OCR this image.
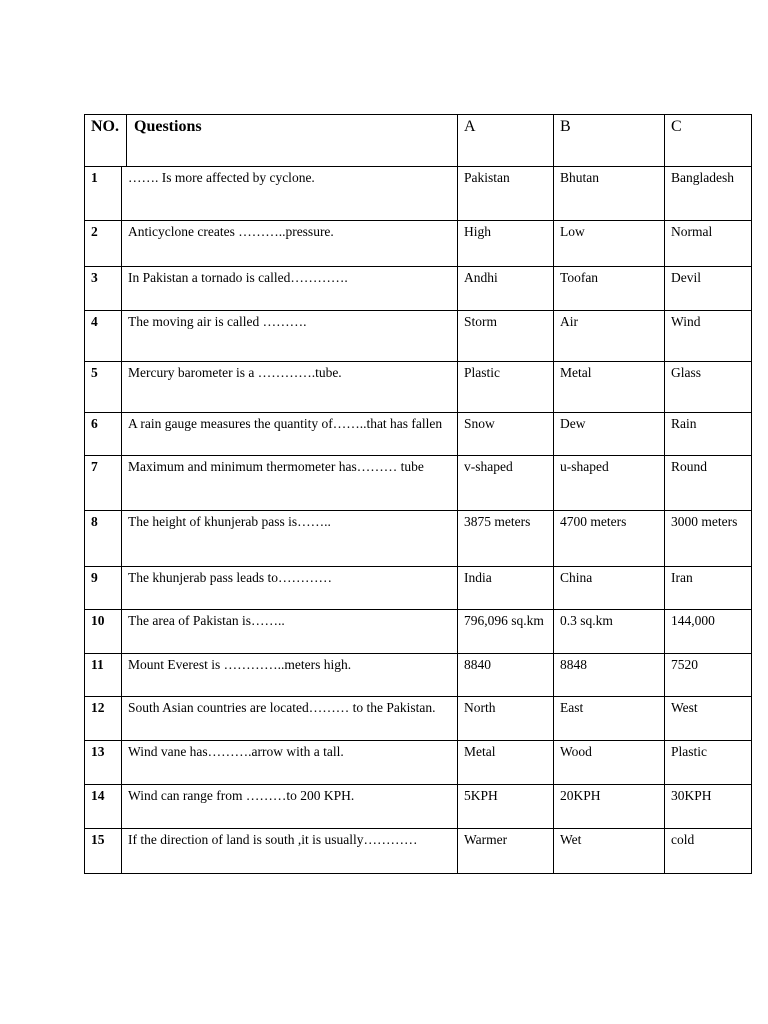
NO. Questions		A	B	C
1	……. Is more affected by cyclone.	Pakistan	Bhutan	Bangladesh
2	Anticyclone creates ………..pressure.	High	Low	Normal
3	In Pakistan a tornado is called………….	Andhi	Toofan	Devil
4	The moving air is called ……….	Storm	Air	Wind
5	Mercury barometer is a ………….tube.	Plastic	Metal	Glass
6	A rain gauge measures the quantity of……..that has fallen	Snow	Dew	Rain
7	Maximum and minimum thermometer has……… tube	v-shaped	u-shaped	Round
8	The height of khunjerab pass is……..	3875 meters	4700 meters	3000 meters
9	The khunjerab pass leads to…………	India	China	Iran
10	The area of Pakistan is……..	796,096 sq.km	0.3 sq.km	144,000
11	Mount Everest is …………..meters high.	8840	8848	7520
12	South Asian countries are located……… to the Pakistan.	North	East	West
13	Wind vane has……….arrow with a tall.	Metal	Wood	Plastic
14	Wind can range from ………to 200 KPH.	5KPH	20KPH	30KPH
15	If the direction of land is south ,it is usually…………	Warmer	Wet	cold
